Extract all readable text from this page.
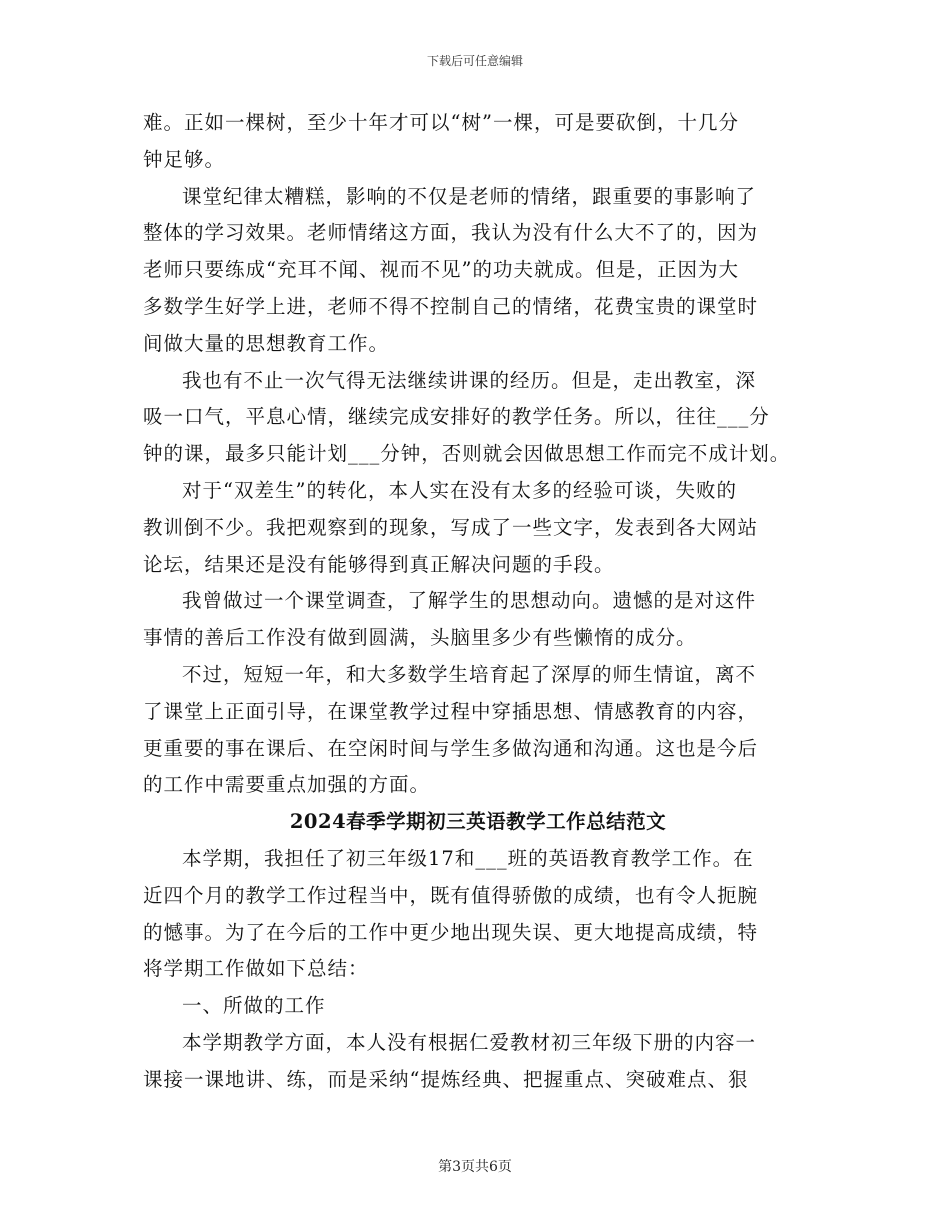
下载后可任意编辑

难。正如一棵树，至少十年才可以“树”一棵，可是要砍倒，十几分

钟足够。

课堂纪律太糟糕，影响的不仅是老师的情绪，跟重要的事影响了

整体的学习效果。老师情绪这方面，我认为没有什么大不了的，因为

老师只要练成“充耳不闻、视而不见”的功夫就成。但是，正因为大

多数学生好学上进，老师不得不控制自己的情绪，花费宝贵的课堂时

间做大量的思想教育工作。

我也有不止一次气得无法继续讲课的经历。但是，走出教室，深

吸一口气，平息心情，继续完成安排好的教学任务。所以，往往___分

钟的课，最多只能计划___分钟，否则就会因做思想工作而完不成计划。

对于“双差生”的转化，本人实在没有太多的经验可谈，失败的

教训倒不少。我把观察到的现象，写成了一些文字，发表到各大网站

论坛，结果还是没有能够得到真正解决问题的手段。

我曾做过一个课堂调查，了解学生的思想动向。遗憾的是对这件

事情的善后工作没有做到圆满，头脑里多少有些懒惰的成分。

不过，短短一年，和大多数学生培育起了深厚的师生情谊，离不

了课堂上正面引导，在课堂教学过程中穿插思想、情感教育的内容，

更重要的事在课后、在空闲时间与学生多做沟通和沟通。这也是今后

的工作中需要重点加强的方面。

2024春季学期初三英语教学工作总结范文

本学期，我担任了初三年级17和___班的英语教育教学工作。在

近四个月的教学工作过程当中，既有值得骄傲的成绩，也有令人扼腕

的憾事。为了在今后的工作中更少地出现失误、更大地提高成绩，特

将学期工作做如下总结：

一、所做的工作

本学期教学方面，本人没有根据仁爱教材初三年级下册的内容一

课接一课地讲、练，而是采纳“提炼经典、把握重点、突破难点、狠

第3页共6页
